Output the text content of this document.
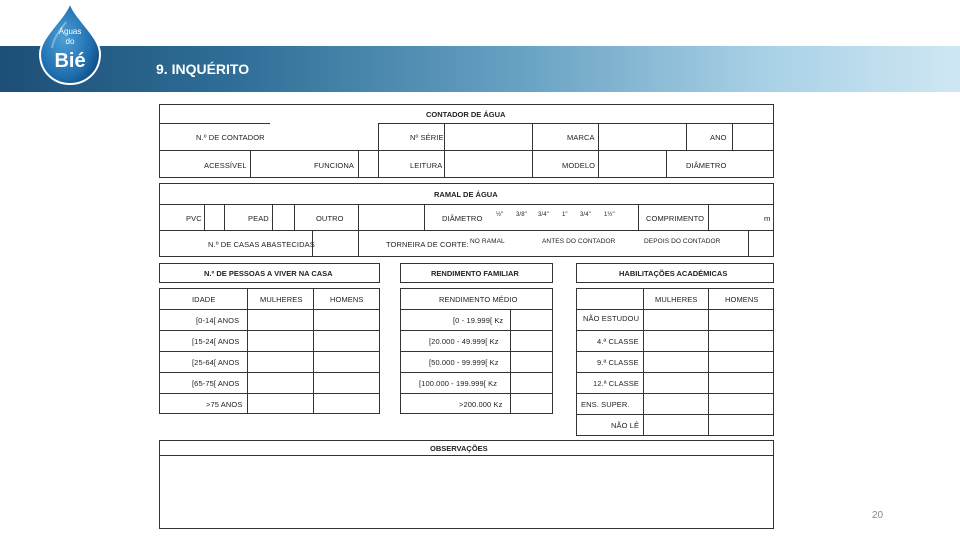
9. INQUÉRITO
Águas
do
Bié
CONTADOR DE ÁGUA
N.º DE CONTADOR	Nº SÉRIE	MARCA	ANO
ACESSÍVEL	FUNCIONA	LEITURA	MODELO	DIÂMETRO
RAMAL DE ÁGUA
PVC	PEAD	OUTRO	DIÂMETRO ½" 3/8" 3/4" 1" 3/4" 1½"	COMPRIMENTO	m
N.º DE CASAS ABASTECIDAS	TORNEIRA DE CORTE: NO RAMAL	ANTES DO CONTADOR	DEPOIS DO CONTADOR
N.º DE PESSOAS A VIVER NA CASA
IDADE	MULHERES	HOMENS
[0-14[ ANOS
[15-24[ ANOS
[25-64[ ANOS
[65-75[ ANOS
>75 ANOS
RENDIMENTO FAMILIAR
RENDIMENTO MÉDIO
[0 - 19.999[ Kz
[20.000 - 49.999[ Kz
[50.000 - 99.999[ Kz
[100.000 - 199.999[ Kz
>200.000 Kz
HABILITAÇÕES ACADÉMICAS
MULHERES	HOMENS
NÃO ESTUDOU
4.ª CLASSE
9.ª CLASSE
12.ª CLASSE
ENS. SUPER.
NÃO LÊ
OBSERVAÇÕES
20
